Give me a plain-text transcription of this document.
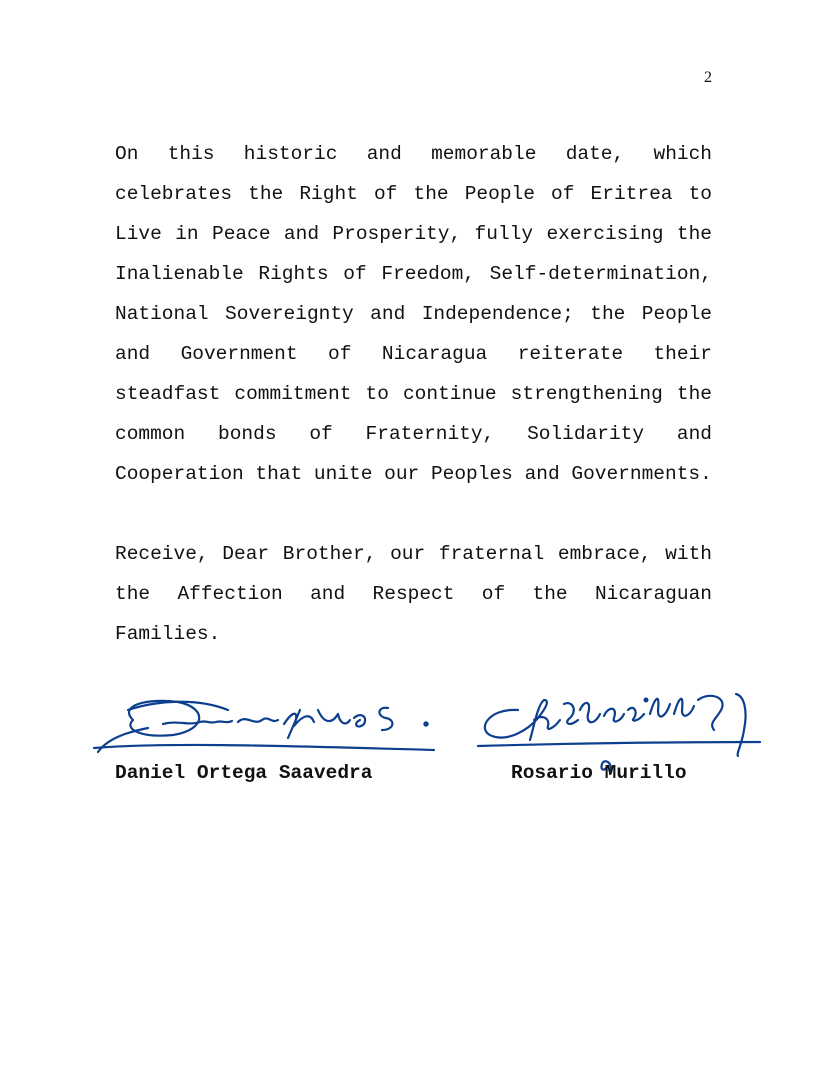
2

On this historic and memorable date, which celebrates the Right of the People of Eritrea to Live in Peace and Prosperity, fully exercising the Inalienable Rights of Freedom, Self-determination, National Sovereignty and Independence; the People and Government of Nicaragua reiterate their steadfast commitment to continue strengthening the common bonds of Fraternity, Solidarity and Cooperation that unite our Peoples and Governments.

Receive, Dear Brother, our fraternal embrace, with the Affection and Respect of the Nicaraguan Families.

Daniel Ortega Saavedra	Rosario Murillo
